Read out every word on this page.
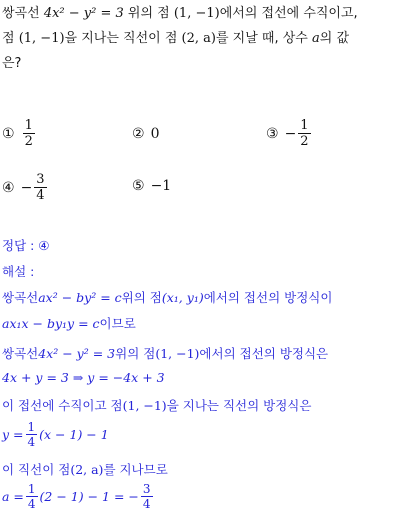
쌍곡선 4x² − y² = 3 위의 점 (1, −1)에서의 접선에 수직이고,
점 (1, −1)을 지나는 직선이 점 (2, a)를 지날 때, 상수 a의 값
은?
① $\frac{1}{2}$	② 0	③ − $\frac{1}{2}$
④ − $\frac{3}{4}$	⑤ −1
정답 : ④
해설 :
쌍곡선 ax² − by² = c 위의 점 (x₁, y₁) 에서의 접선의 방정식이
ax₁x − by₁y = c 이므로
쌍곡선 4x² − y² = 3 위의 점 (1, −1) 에서의 접선의 방정식은
4x + y = 3 ⇒ y = −4x + 3
이 접선에 수직이고 점 (1, −1) 을 지나는 직선의 방정식은
$y = \frac{1}{4} (x - 1) - 1$
이 직선이 점 (2, a) 를 지나므로
$a = \frac{1}{4} (2 - 1) - 1$ = − $\frac{3}{4}$
